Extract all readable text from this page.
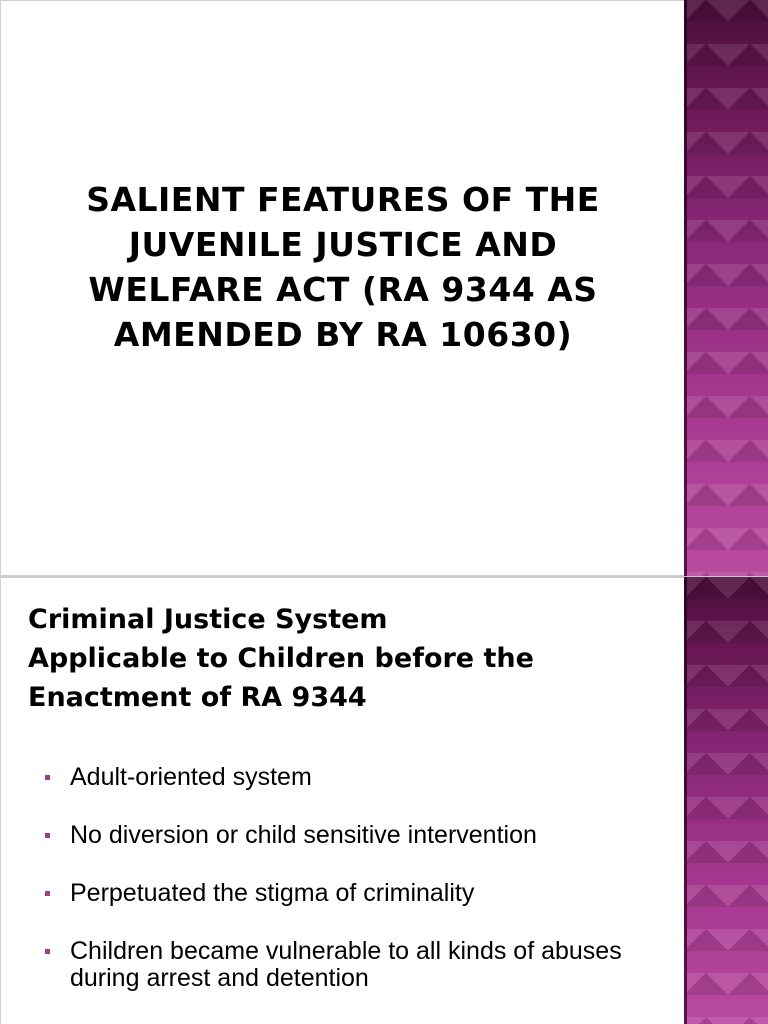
SALIENT FEATURES OF THE
JUVENILE JUSTICE AND
WELFARE ACT (RA 9344 AS
AMENDED BY RA 10630)
Criminal Justice System
Applicable to Children before the
Enactment of RA 9344
Adult-oriented system
No diversion or child sensitive intervention
Perpetuated the stigma of criminality
Children became vulnerable to all kinds of abuses during arrest and detention
